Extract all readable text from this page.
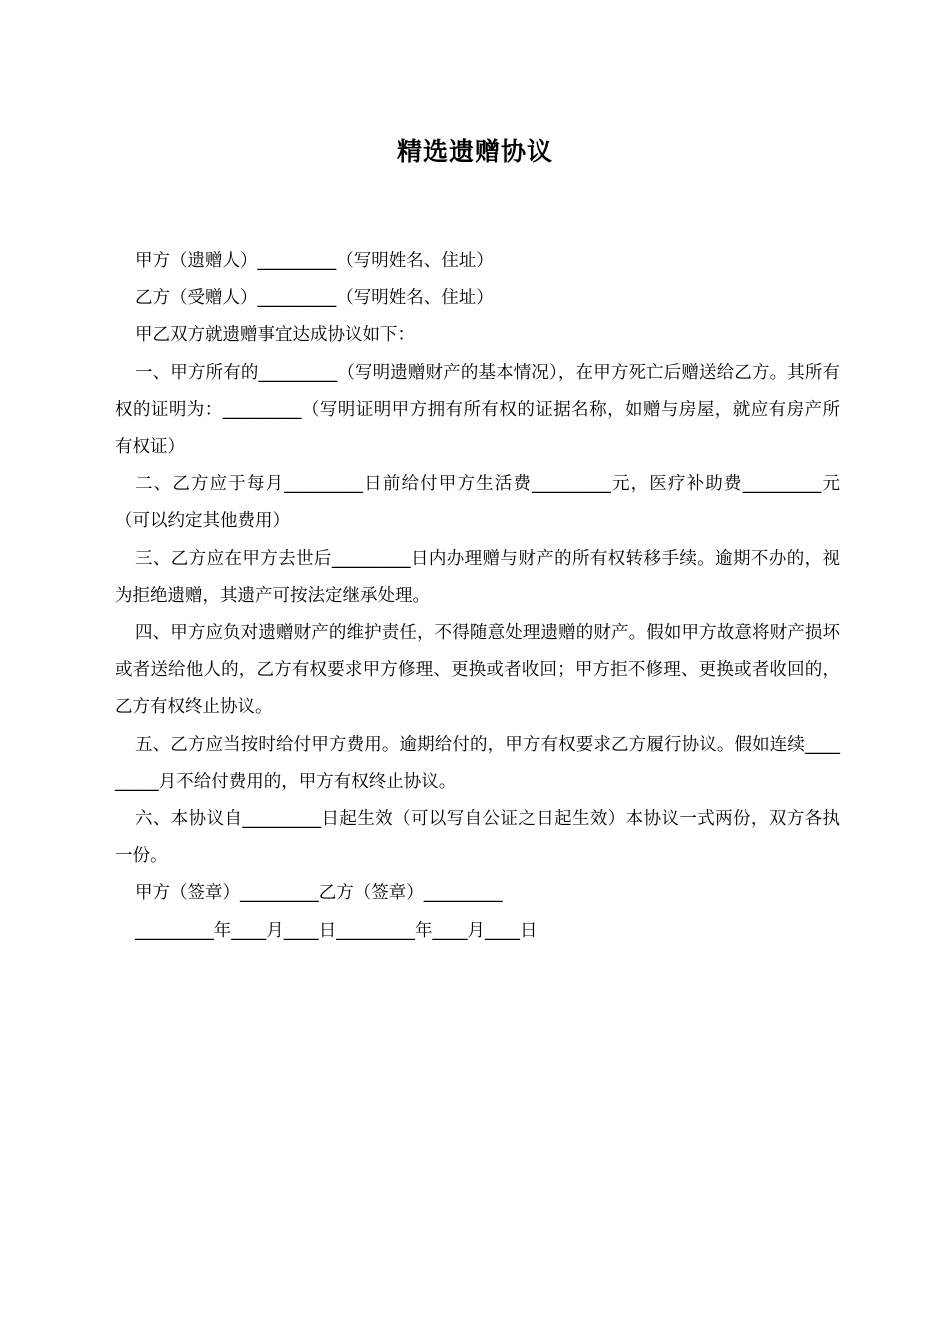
精选遗赠协议

甲方（遗赠人）_________（写明姓名、住址）

乙方（受赠人）_________（写明姓名、住址）

甲乙双方就遗赠事宜达成协议如下：

一、甲方所有的_________（写明遗赠财产的基本情况），在甲方死亡后赠送给乙方。其所有权的证明为：_________（写明证明甲方拥有所有权的证据名称，如赠与房屋，就应有房产所有权证）

二、乙方应于每月_________日前给付甲方生活费_________元，医疗补助费_________元（可以约定其他费用）

三、乙方应在甲方去世后_________日内办理赠与财产的所有权转移手续。逾期不办的，视为拒绝遗赠，其遗产可按法定继承处理。

四、甲方应负对遗赠财产的维护责任，不得随意处理遗赠的财产。假如甲方故意将财产损坏或者送给他人的，乙方有权要求甲方修理、更换或者收回；甲方拒不修理、更换或者收回的，乙方有权终止协议。

五、乙方应当按时给付甲方费用。逾期给付的，甲方有权要求乙方履行协议。假如连续_________月不给付费用的，甲方有权终止协议。

六、本协议自_________日起生效（可以写自公证之日起生效）本协议一式两份，双方各执一份。

甲方（签章）_________乙方（签章）_________

_________年____月____日_________年____月____日
